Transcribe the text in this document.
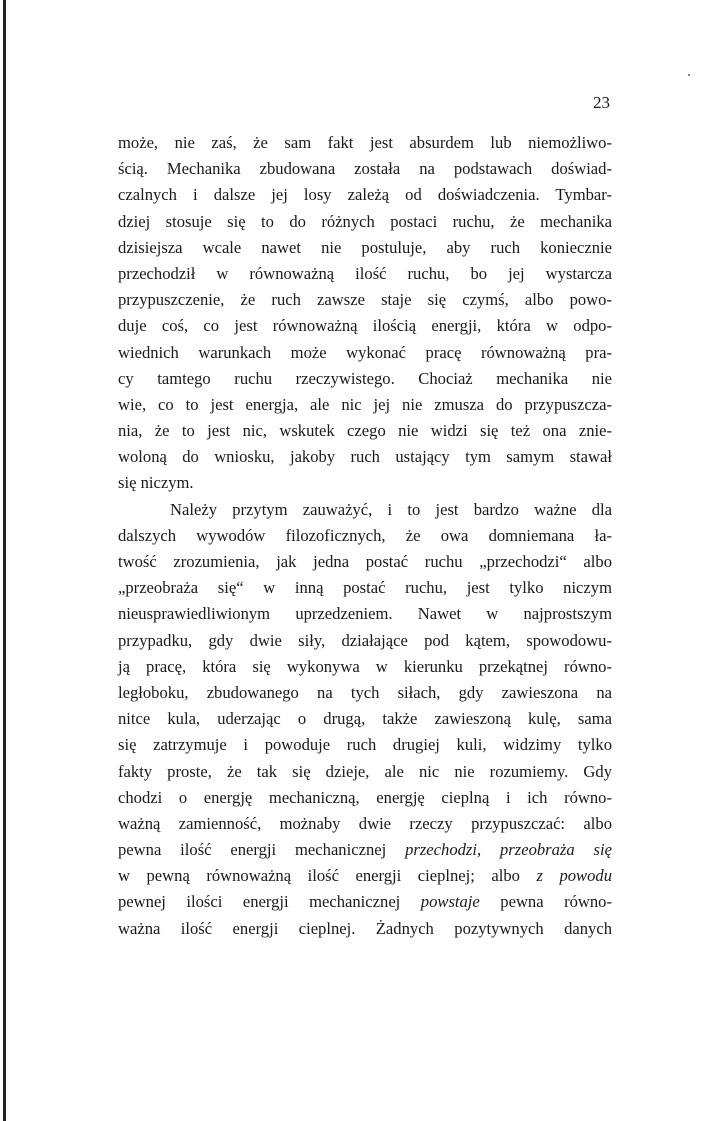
23
może, nie zaś, że sam fakt jest absurdem lub niemożliwo-
ścią. Mechanika zbudowana została na podstawach doświad-
czalnych i dalsze jej losy zależą od doświadczenia. Tymbar-
dziej stosuje się to do różnych postaci ruchu, że mechanika
dzisiejsza wcale nawet nie postuluje, aby ruch koniecznie
przechodził w równoważną ilość ruchu, bo jej wystarcza
przypuszczenie, że ruch zawsze staje się czymś, albo powo-
duje coś, co jest równoważną ilością energji, która w odpo-
wiednich warunkach może wykonać pracę równoważną pra-
cy tamtego ruchu rzeczywistego. Chociaż mechanika nie
wie, co to jest energja, ale nic jej nie zmusza do przypuszcza-
nia, że to jest nic, wskutek czego nie widzi się też ona znie-
woloną do wniosku, jakoby ruch ustający tym samym stawał
się niczym.
Należy przytym zauważyć, i to jest bardzo ważne dla
dalszych wywodów filozoficznych, że owa domniemana ła-
twość zrozumienia, jak jedna postać ruchu „przechodzi“ albo
„przeobraża się“ w inną postać ruchu, jest tylko niczym
nieusprawiedliwionym uprzedzeniem. Nawet w najprostszym
przypadku, gdy dwie siły, działające pod kątem, spowodowu-
ją pracę, która się wykonywa w kierunku przekątnej równo-
ległoboku, zbudowanego na tych siłach, gdy zawieszona na
nitce kula, uderzając o drugą, także zawieszoną kulę, sama
się zatrzymuje i powoduje ruch drugiej kuli, widzimy tylko
fakty proste, że tak się dzieje, ale nic nie rozumiemy. Gdy
chodzi o energję mechaniczną, energję cieplną i ich równo-
ważną zamienność, możnaby dwie rzeczy przypuszczać: albo
pewna ilość energji mechanicznej przechodzi, przeobraża się
w pewną równoważną ilość energji cieplnej; albo z powodu
pewnej ilości energji mechanicznej powstaje pewna równo-
ważna ilość energji cieplnej. Żadnych pozytywnych danych
